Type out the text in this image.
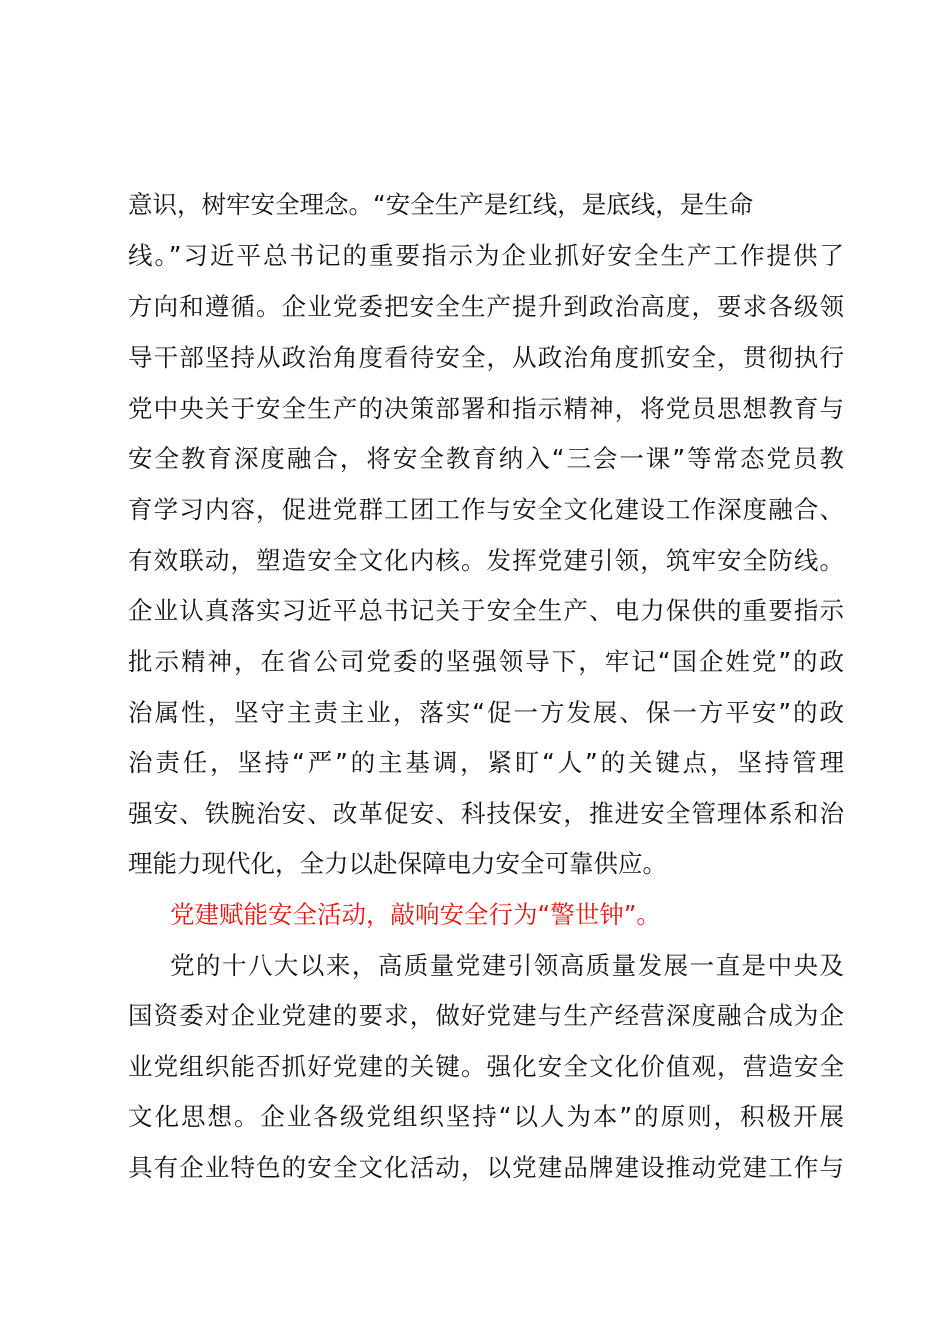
意识，树牢安全理念。“安全生产是红线，是底线，是生命
线。”习近平总书记的重要指示为企业抓好安全生产工作提供了
方向和遵循。企业党委把安全生产提升到政治高度，要求各级领
导干部坚持从政治角度看待安全，从政治角度抓安全，贯彻执行
党中央关于安全生产的决策部署和指示精神，将党员思想教育与
安全教育深度融合，将安全教育纳入“三会一课”等常态党员教
育学习内容，促进党群工团工作与安全文化建设工作深度融合、
有效联动，塑造安全文化内核。发挥党建引领，筑牢安全防线。
企业认真落实习近平总书记关于安全生产、电力保供的重要指示
批示精神，在省公司党委的坚强领导下，牢记“国企姓党”的政
治属性，坚守主责主业，落实“促一方发展、保一方平安”的政
治责任，坚持“严”的主基调，紧盯“人”的关键点，坚持管理
强安、铁腕治安、改革促安、科技保安，推进安全管理体系和治
理能力现代化，全力以赴保障电力安全可靠供应。
党建赋能安全活动，敲响安全行为“警世钟”。
党的十八大以来，高质量党建引领高质量发展一直是中央及
国资委对企业党建的要求，做好党建与生产经营深度融合成为企
业党组织能否抓好党建的关键。强化安全文化价值观，营造安全
文化思想。企业各级党组织坚持“以人为本”的原则，积极开展
具有企业特色的安全文化活动，以党建品牌建设推动党建工作与
